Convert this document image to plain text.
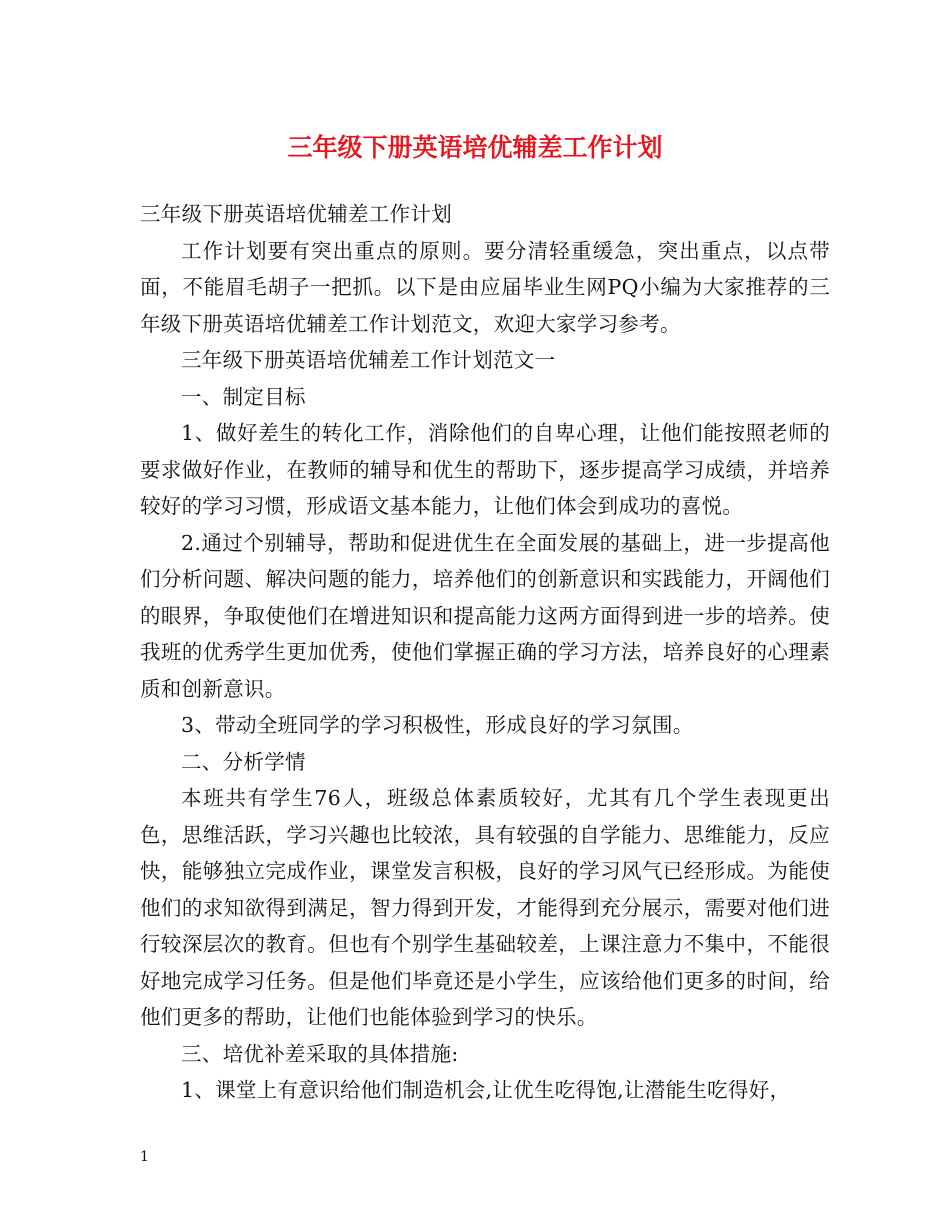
三年级下册英语培优辅差工作计划

三年级下册英语培优辅差工作计划

工作计划要有突出重点的原则。要分清轻重缓急，突出重点，以点带面，不能眉毛胡子一把抓。以下是由应届毕业生网PQ小编为大家推荐的三年级下册英语培优辅差工作计划范文，欢迎大家学习参考。

三年级下册英语培优辅差工作计划范文一

一、制定目标

1、做好差生的转化工作，消除他们的自卑心理，让他们能按照老师的要求做好作业，在教师的辅导和优生的帮助下，逐步提高学习成绩，并培养较好的学习习惯，形成语文基本能力，让他们体会到成功的喜悦。

2.通过个别辅导，帮助和促进优生在全面发展的基础上，进一步提高他们分析问题、解决问题的能力，培养他们的创新意识和实践能力，开阔他们的眼界，争取使他们在增进知识和提高能力这两方面得到进一步的培养。使我班的优秀学生更加优秀，使他们掌握正确的学习方法，培养良好的心理素质和创新意识。

3、带动全班同学的学习积极性，形成良好的学习氛围。

二、分析学情

本班共有学生76人，班级总体素质较好，尤其有几个学生表现更出色，思维活跃，学习兴趣也比较浓，具有较强的自学能力、思维能力，反应快，能够独立完成作业，课堂发言积极，良好的学习风气已经形成。为能使他们的求知欲得到满足，智力得到开发，才能得到充分展示，需要对他们进行较深层次的教育。但也有个别学生基础较差，上课注意力不集中，不能很好地完成学习任务。但是他们毕竟还是小学生，应该给他们更多的时间，给他们更多的帮助，让他们也能体验到学习的快乐。

三、培优补差采取的具体措施:

1、课堂上有意识给他们制造机会,让优生吃得饱,让潜能生吃得好，

1
